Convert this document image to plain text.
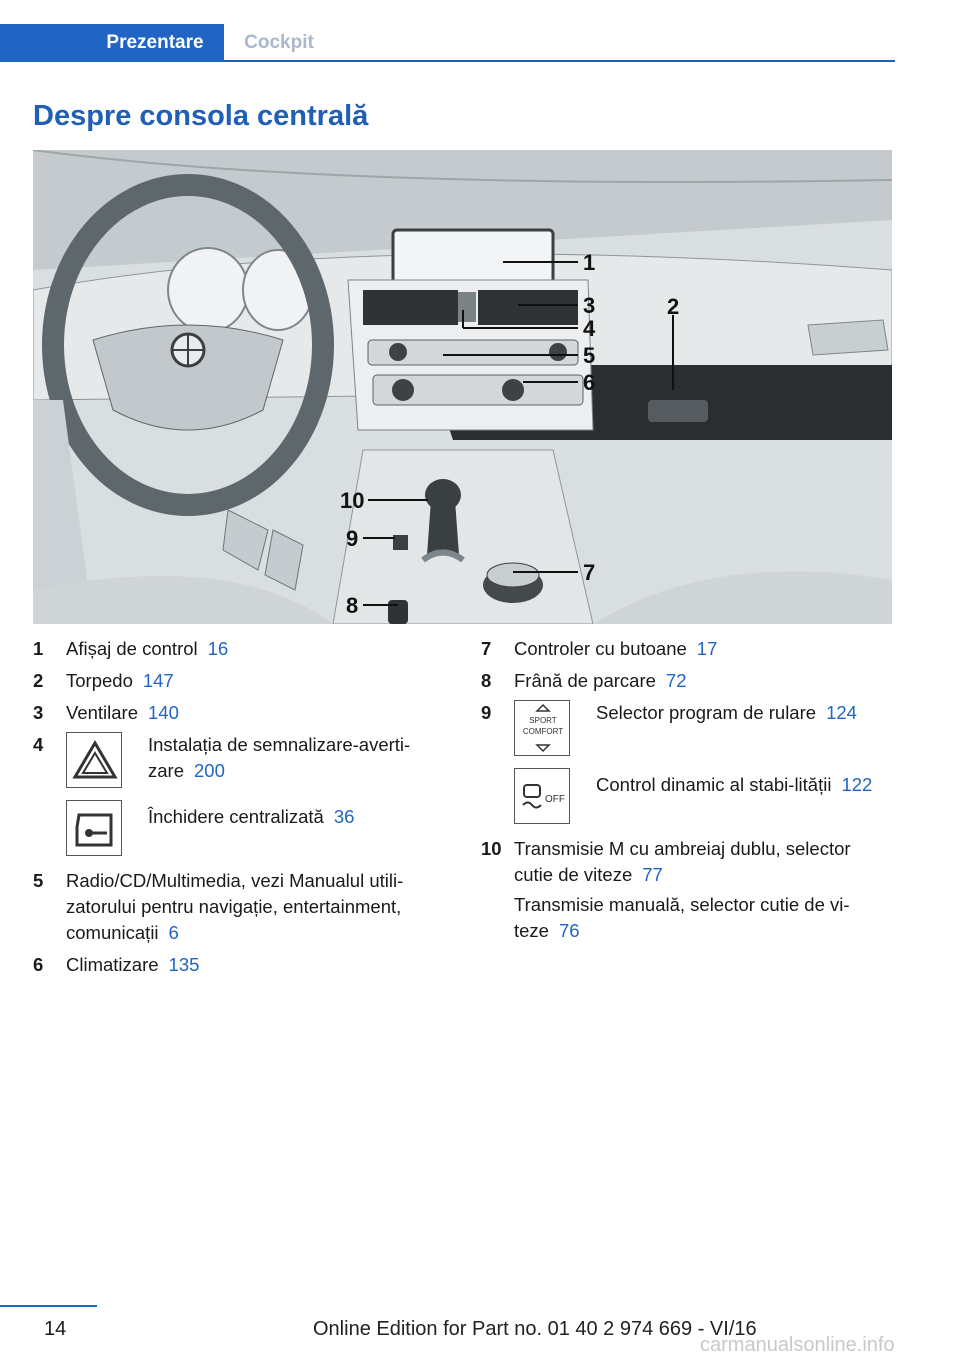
Prezentare Cockpit
Despre consola centrală
1
2
3
4
5
6
7
8
9
10
1	Afișaj de control 16
2	Torpedo 147
3	Ventilare 140
4	Instalația de semnalizare-averti-zare 200
Închidere centralizată 36
5	Radio/CD/Multimedia, vezi Manualul utili-zatorului pentru navigație, entertainment, comunicații 6
6	Climatizare 135
7	Controler cu butoane 17
8	Frână de parcare 72
9	SPORT
COMFORT
Selector program de rulare 124
OFF
Control dinamic al stabi-lității 122
10 Transmisie M cu ambreiaj dublu, selector cutie de viteze 77
Transmisie manuală, selector cutie de vi-teze 76
14	Online Edition for Part no. 01 40 2 974 669 - VI/16
carmanualsonline.info
